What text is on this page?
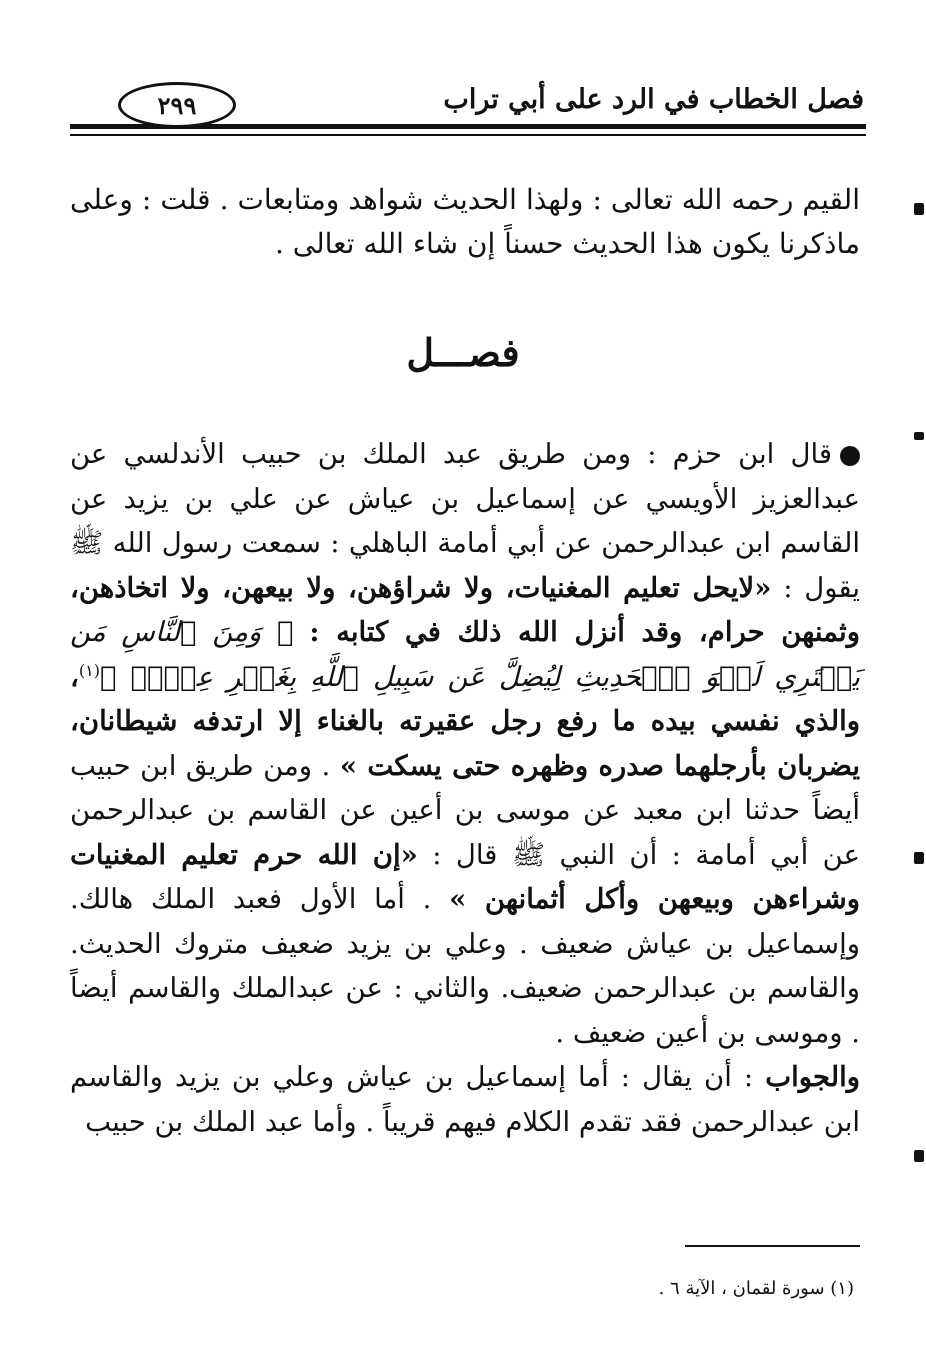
فصل الخطاب في الرد على أبي تراب
٢٩٩
القيم رحمه الله تعالى : ولهذا الحديث شواهد ومتابعات . قلت : وعلى ماذكرنا يكون هذا الحديث حسناً إن شاء الله تعالى .
فصـــل
قال ابن حزم : ومن طريق عبد الملك بن حبيب الأندلسي عن عبدالعزيز الأويسي عن إسماعيل بن عياش عن علي بن يزيد عن القاسم ابن عبدالرحمن عن أبي أمامة الباهلي : سمعت رسول الله ﷺ يقول : «لايحل تعليم المغنيات، ولا شراؤهن، ولا بيعهن، ولا اتخاذهن، وثمنهن حرام، وقد أنزل الله ذلك في كتابه : ﴿ وَمِنَ ٱلنَّاسِ مَن يَشۡتَرِي لَهۡوَ ٱلۡحَدِيثِ لِيُضِلَّ عَن سَبِيلِ ٱللَّهِ بِغَيۡرِ عِلۡمٖ ﴾$^{(١)}$، والذي نفسي بيده ما رفع رجل عقيرته بالغناء إلا ارتدفه شيطانان، يضربان بأرجلهما صدره وظهره حتى يسكت » . ومن طريق ابن حبيب أيضاً حدثنا ابن معبد عن موسى بن أعين عن القاسم بن عبدالرحمن عن أبي أمامة : أن النبي ﷺ قال : «إن الله حرم تعليم المغنيات وشراءهن وبيعهن وأكل أثمانهن » . أما الأول فعبد الملك هالك. وإسماعيل بن عياش ضعيف . وعلي بن يزيد ضعيف متروك الحديث. والقاسم بن عبدالرحمن ضعيف. والثاني : عن عبدالملك والقاسم أيضاً . وموسى بن أعين ضعيف .
والجواب : أن يقال : أما إسماعيل بن عياش وعلي بن يزيد والقاسم ابن عبدالرحمن فقد تقدم الكلام فيهم قريباً . وأما عبد الملك بن حبيب
(١) سورة لقمان ، الآية ٦ .
